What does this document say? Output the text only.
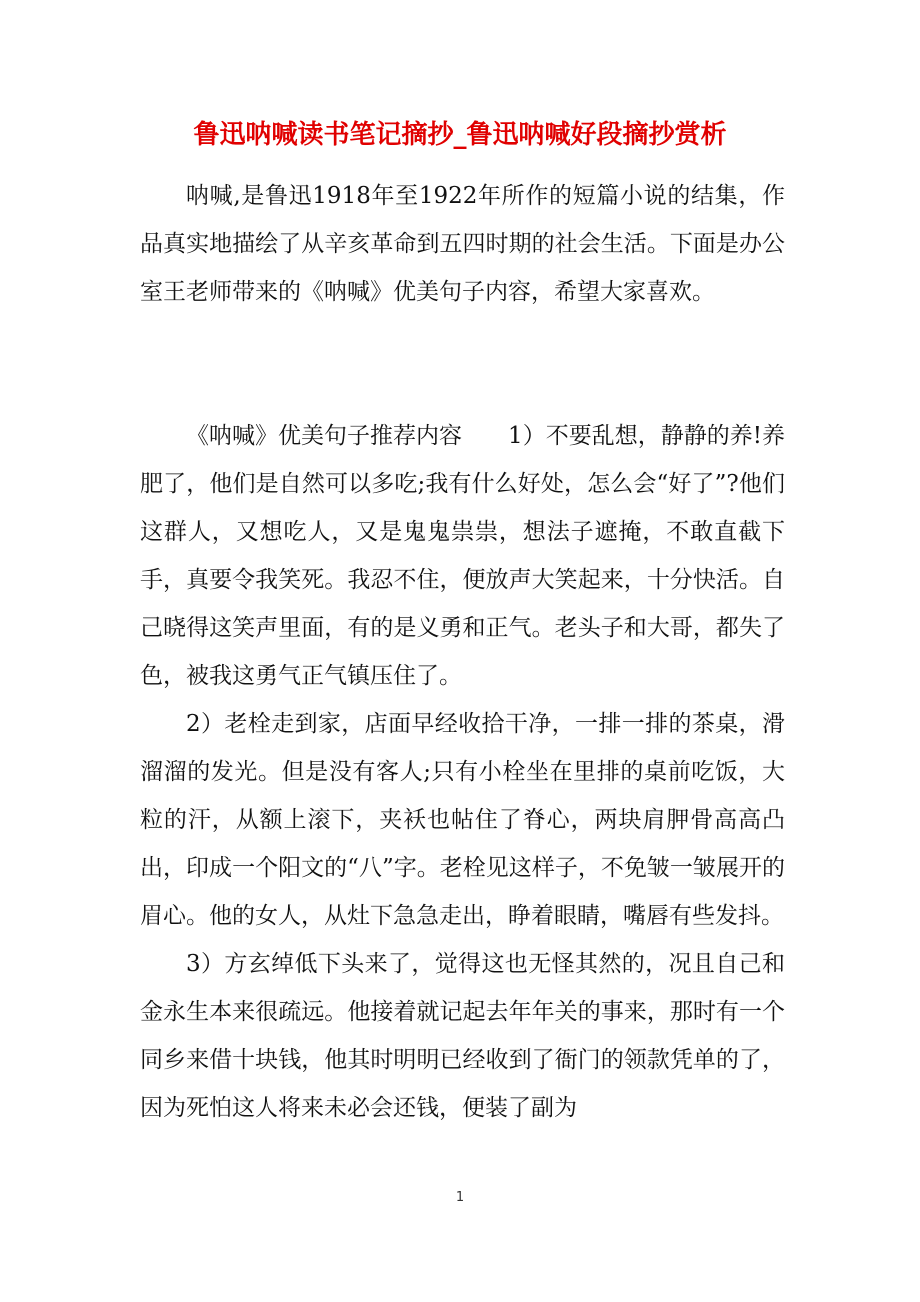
鲁迅呐喊读书笔记摘抄_鲁迅呐喊好段摘抄赏析

呐喊,是鲁迅1918年至1922年所作的短篇小说的结集，作品真实地描绘了从辛亥革命到五四时期的社会生活。下面是办公室王老师带来的《呐喊》优美句子内容，希望大家喜欢。

《呐喊》优美句子推荐内容　　1）不要乱想，静静的养!养肥了，他们是自然可以多吃;我有什么好处，怎么会“好了”?他们这群人，又想吃人，又是鬼鬼祟祟，想法子遮掩，不敢直截下手，真要令我笑死。我忍不住，便放声大笑起来，十分快活。自己晓得这笑声里面，有的是义勇和正气。老头子和大哥，都失了色，被我这勇气正气镇压住了。

2）老栓走到家，店面早经收拾干净，一排一排的茶桌，滑溜溜的发光。但是没有客人;只有小栓坐在里排的桌前吃饭，大粒的汗，从额上滚下，夹袄也帖住了脊心，两块肩胛骨高高凸出，印成一个阳文的“八”字。老栓见这样子，不免皱一皱展开的眉心。他的女人，从灶下急急走出，睁着眼睛，嘴唇有些发抖。

3）方玄绰低下头来了，觉得这也无怪其然的，况且自己和金永生本来很疏远。他接着就记起去年年关的事来，那时有一个同乡来借十块钱，他其时明明已经收到了衙门的领款凭单的了，因为死怕这人将来未必会还钱，便装了副为

1
